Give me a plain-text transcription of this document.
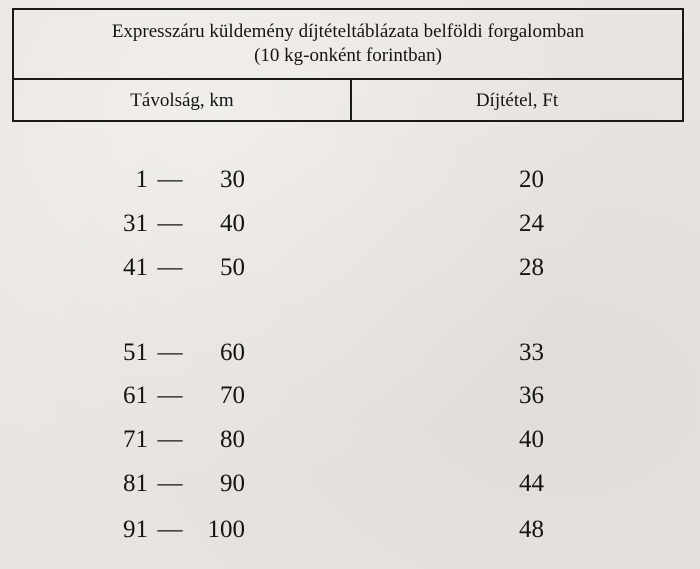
Expresszáru küldemény díjtételtáblázata belföldi forgalomban
(10 kg-onként forintban)
Távolság, km	Díjtétel, Ft
1 —	30	20
31 —	40	24
41 —	50	28
51 —	60	33
61 —	70	36
71 —	80	40
81 —	90	44
91 —	100	48
